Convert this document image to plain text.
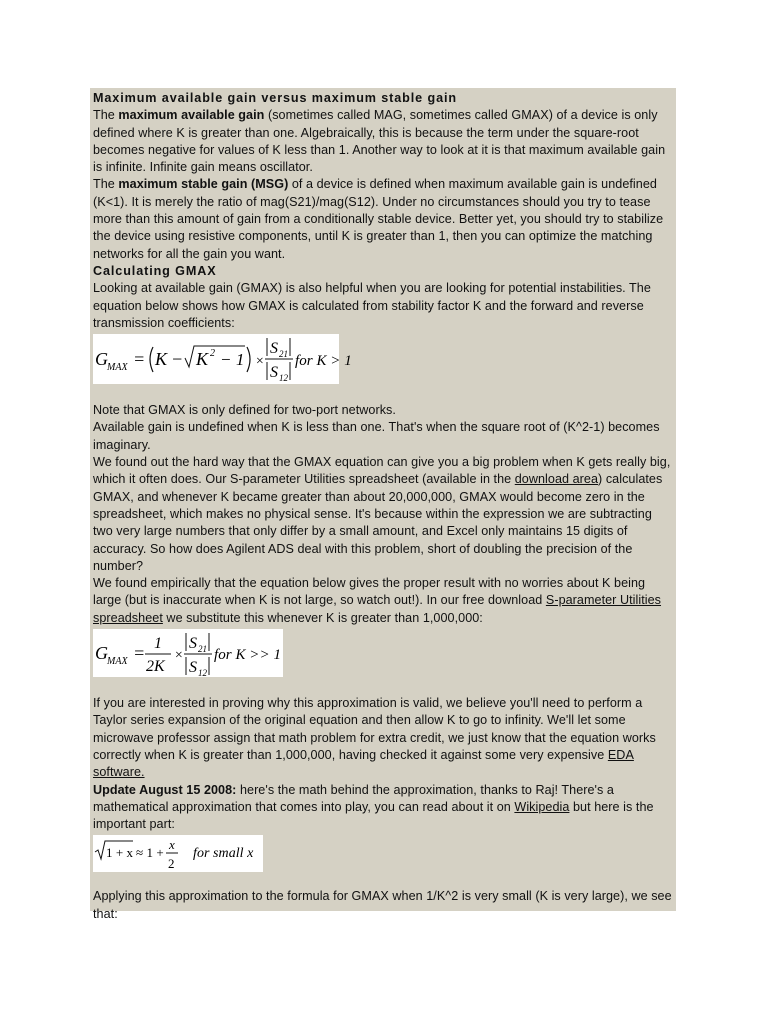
Maximum available gain versus maximum stable gain

The maximum available gain (sometimes called MAG, sometimes called GMAX) of a device is only defined where K is greater than one. Algebraically, this is because the term under the square-root becomes negative for values of K less than 1. Another way to look at it is that maximum available gain is infinite. Infinite gain means oscillator.

The maximum stable gain (MSG) of a device is defined when maximum available gain is undefined (K<1). It is merely the ratio of mag(S21)/mag(S12). Under no circumstances should you try to tease more than this amount of gain from a conditionally stable device. Better yet, you should try to stabilize the device using resistive components, until K is greater than 1, then you can optimize the matching networks for all the gain you want.

Calculating GMAX

Looking at available gain (GMAX) is also helpful when you are looking for potential instabilities. The equation below shows how GMAX is calculated from stability factor K and the forward and reverse transmission coefficients:

G
MAX = K − K 2 − 1 ×
S 21
S 12
for K > 1

Note that GMAX is only defined for two-port networks.

Available gain is undefined when K is less than one. That's when the square root of (K^2-1) becomes imaginary.

We found out the hard way that the GMAX equation can give you a big problem when K gets really big, which it often does. Our S-parameter Utilities spreadsheet (available in the download area) calculates GMAX, and whenever K became greater than about 20,000,000, GMAX would become zero in the spreadsheet, which makes no physical sense. It's because within the expression we are subtracting two very large numbers that only differ by a small amount, and Excel only maintains 15 digits of accuracy. So how does Agilent ADS deal with this problem, short of doubling the precision of the number?

We found empirically that the equation below gives the proper result with no worries about K being large (but is inaccurate when K is not large, so watch out!). In our free download S-parameter Utilities spreadsheet we substitute this whenever K is greater than 1,000,000:

G
MAX = 1
2K
×
S 21
S 12
for K >> 1

If you are interested in proving why this approximation is valid, we believe you'll need to perform a Taylor series expansion of the original equation and then allow K to go to infinity. We'll let some microwave professor assign that math problem for extra credit, we just know that the equation works correctly when K is greater than 1,000,000, having checked it against some very expensive EDA software.

Update August 15 2008: here's the math behind the approximation, thanks to Raj! There's a mathematical approximation that comes into play, you can read about it on Wikipedia but here is the important part:

1 + x ≈ 1 +
x
2
for small x

Applying this approximation to the formula for GMAX when 1/K^2 is very small (K is very large), we see that:
